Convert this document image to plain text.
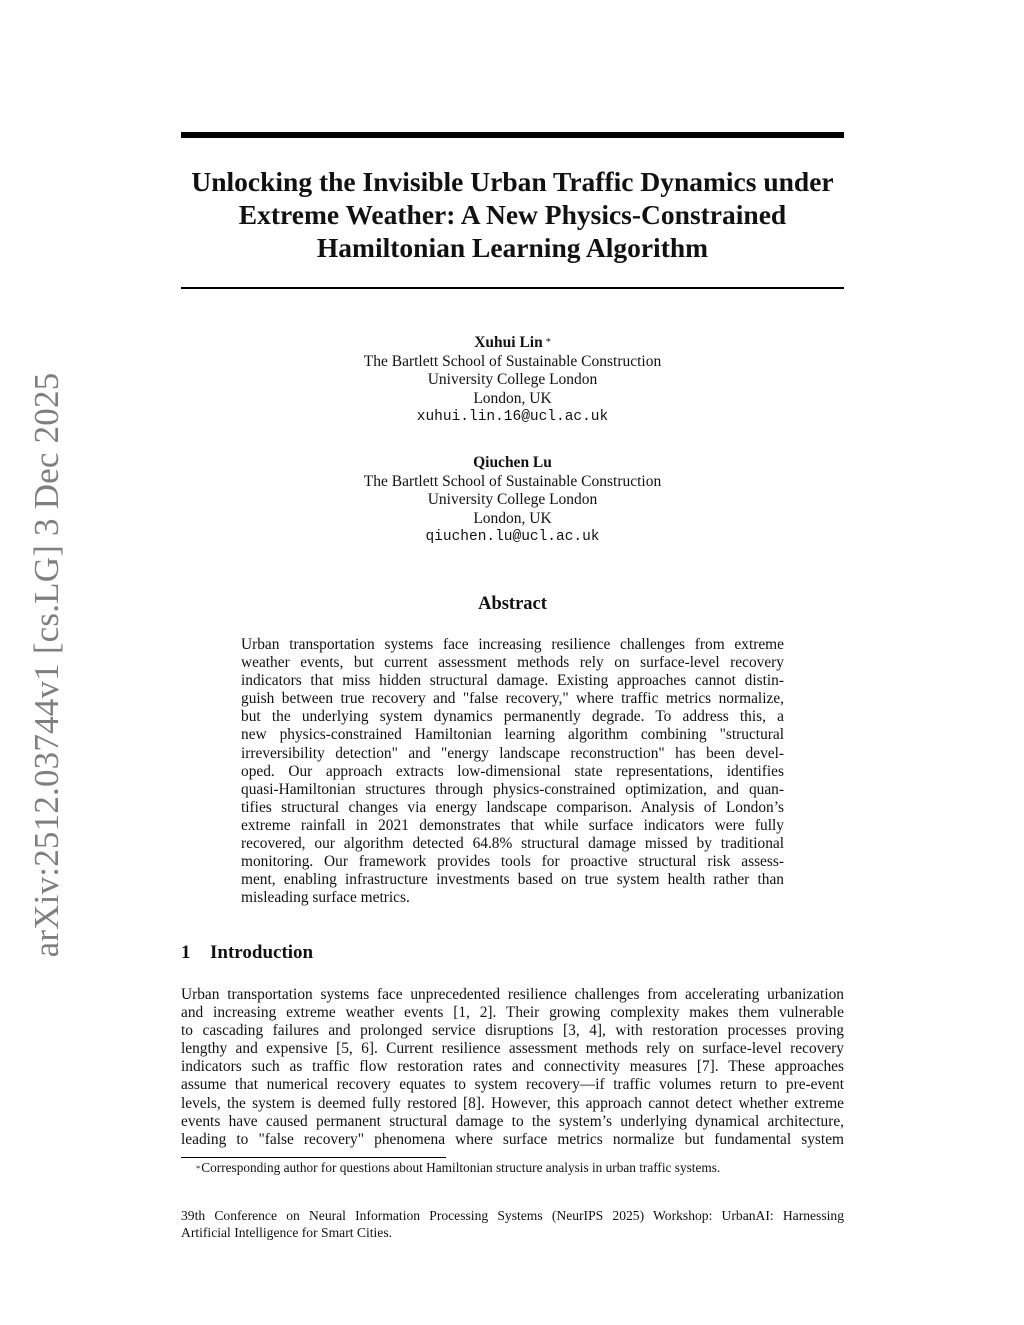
arXiv:2512.03744v1 [cs.LG] 3 Dec 2025
Unlocking the Invisible Urban Traffic Dynamics under
Extreme Weather: A New Physics-Constrained
Hamiltonian Learning Algorithm
Xuhui Lin *
The Bartlett School of Sustainable Construction
University College London
London, UK
xuhui.lin.16@ucl.ac.uk
Qiuchen Lu
The Bartlett School of Sustainable Construction
University College London
London, UK
qiuchen.lu@ucl.ac.uk
Abstract
Urban transportation systems face increasing resilience challenges from extreme
weather events, but current assessment methods rely on surface-level recovery
indicators that miss hidden structural damage. Existing approaches cannot distin-
guish between true recovery and "false recovery," where traffic metrics normalize,
but the underlying system dynamics permanently degrade. To address this, a
new physics-constrained Hamiltonian learning algorithm combining "structural
irreversibility detection" and "energy landscape reconstruction" has been devel-
oped. Our approach extracts low-dimensional state representations, identifies
quasi-Hamiltonian structures through physics-constrained optimization, and quan-
tifies structural changes via energy landscape comparison. Analysis of London’s
extreme rainfall in 2021 demonstrates that while surface indicators were fully
recovered, our algorithm detected 64.8% structural damage missed by traditional
monitoring. Our framework provides tools for proactive structural risk assess-
ment, enabling infrastructure investments based on true system health rather than
misleading surface metrics.
1 Introduction
Urban transportation systems face unprecedented resilience challenges from accelerating urbanization
and increasing extreme weather events [1, 2]. Their growing complexity makes them vulnerable
to cascading failures and prolonged service disruptions [3, 4], with restoration processes proving
lengthy and expensive [5, 6]. Current resilience assessment methods rely on surface-level recovery
indicators such as traffic flow restoration rates and connectivity measures [7]. These approaches
assume that numerical recovery equates to system recovery—if traffic volumes return to pre-event
levels, the system is deemed fully restored [8]. However, this approach cannot detect whether extreme
events have caused permanent structural damage to the system’s underlying dynamical architecture,
leading to "false recovery" phenomena where surface metrics normalize but fundamental system
*Corresponding author for questions about Hamiltonian structure analysis in urban traffic systems.
39th Conference on Neural Information Processing Systems (NeurIPS 2025) Workshop: UrbanAI: Harnessing
Artificial Intelligence for Smart Cities.
